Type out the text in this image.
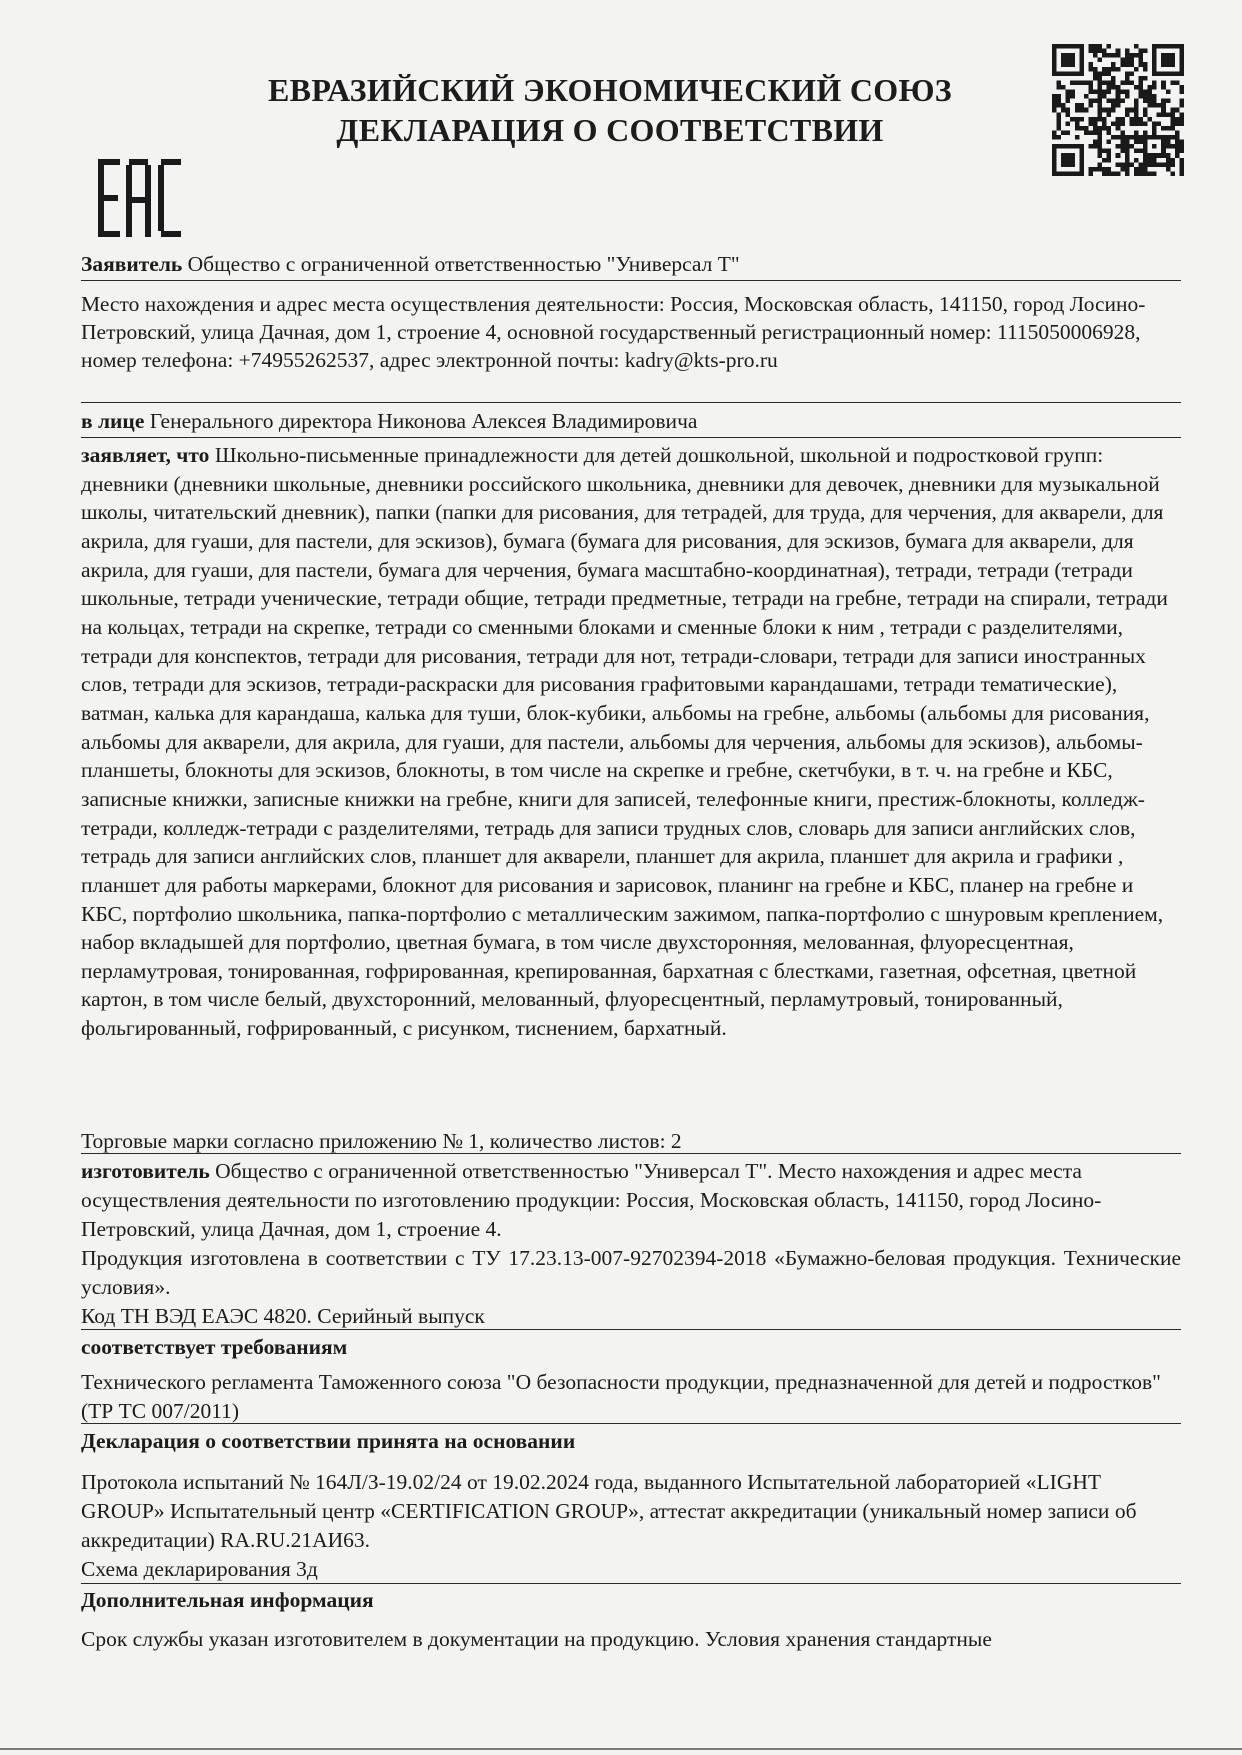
ЕВРАЗИЙСКИЙ ЭКОНОМИЧЕСКИЙ СОЮЗ
ДЕКЛАРАЦИЯ О СООТВЕТСТВИИ
Заявитель Общество с ограниченной ответственностью "Универсал Т"
Место нахождения и адрес места осуществления деятельности: Россия, Московская область, 141150, город Лосино-Петровский, улица Дачная, дом 1, строение 4, основной государственный регистрационный номер: 1115050006928, номер телефона: +74955262537, адрес электронной почты: kadry@kts-pro.ru
в лице Генерального директора Никонова Алексея Владимировича
заявляет, что Школьно-письменные принадлежности для детей дошкольной, школьной и подростковой групп: дневники (дневники школьные, дневники российского школьника, дневники для девочек, дневники для музыкальной школы, читательский дневник), папки (папки для рисования, для тетрадей, для труда, для черчения, для акварели, для акрила, для гуаши, для пастели, для эскизов), бумага (бумага для рисования, для эскизов, бумага для акварели, для акрила, для гуаши, для пастели, бумага для черчения, бумага масштабно-координатная), тетради, тетради (тетради школьные, тетради ученические, тетради общие, тетради предметные, тетради на гребне, тетради на спирали, тетради на кольцах, тетради на скрепке, тетради со сменными блоками и сменные блоки к ним , тетради с разделителями, тетради для конспектов, тетради для рисования, тетради для нот, тетради-словари, тетради для записи иностранных слов, тетради для эскизов, тетради-раскраски для рисования графитовыми карандашами, тетради тематические), ватман, калька для карандаша, калька для туши, блок-кубики, альбомы на гребне, альбомы (альбомы для рисования, альбомы для акварели, для акрила, для гуаши, для пастели, альбомы для черчения, альбомы для эскизов), альбомы-планшеты, блокноты для эскизов, блокноты, в том числе на скрепке и гребне, скетчбуки, в т. ч. на гребне и КБС, записные книжки, записные книжки на гребне, книги для записей, телефонные книги, престиж-блокноты, колледж-тетради, колледж-тетради с разделителями, тетрадь для записи трудных слов, словарь для записи английских слов, тетрадь для записи английских слов, планшет для акварели, планшет для акрила, планшет для акрила и графики , планшет для работы маркерами, блокнот для рисования и зарисовок, планинг на гребне и КБС, планер на гребне и КБС, портфолио школьника, папка-портфолио с металлическим зажимом, папка-портфолио с шнуровым креплением, набор вкладышей для портфолио, цветная бумага, в том числе двухсторонняя, мелованная, флуоресцентная, перламутровая, тонированная, гофрированная, крепированная, бархатная с блестками, газетная, офсетная, цветной картон, в том числе белый, двухсторонний, мелованный, флуоресцентный, перламутровый, тонированный, фольгированный, гофрированный, с рисунком, тиснением, бархатный.
Торговые марки согласно приложению № 1, количество листов: 2
изготовитель Общество с ограниченной ответственностью "Универсал Т". Место нахождения и адрес места осуществления деятельности по изготовлению продукции: Россия, Московская область, 141150, город Лосино-Петровский, улица Дачная, дом 1, строение 4.
Продукция изготовлена в соответствии с ТУ 17.23.13-007-92702394-2018 «Бумажно-беловая продукция. Технические условия».
Код ТН ВЭД ЕАЭС 4820. Серийный выпуск
соответствует требованиям
Технического регламента Таможенного союза "О безопасности продукции, предназначенной для детей и подростков" (ТР ТС 007/2011)
Декларация о соответствии принята на основании
Протокола испытаний № 164Л/З-19.02/24 от 19.02.2024 года, выданного Испытательной лабораторией «LIGHT GROUP» Испытательный центр «CERTIFICATION GROUP», аттестат аккредитации (уникальный номер записи об аккредитации) RA.RU.21АИ63.
Схема декларирования 3д
Дополнительная информация
Срок службы указан изготовителем в документации на продукцию. Условия хранения стандартные
